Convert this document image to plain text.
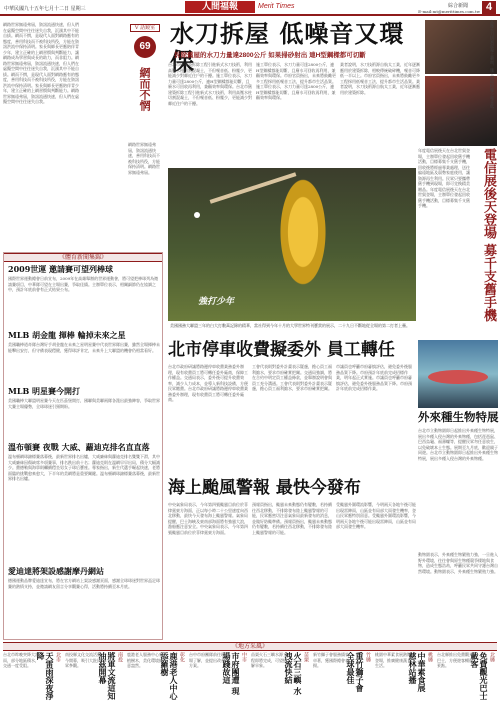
中華民國九十五年七月十二日 星期三	人間福報	Merit Times	綜合新聞
E-mail:mt@merittimes.com.tw 4
網路世界無遠弗屆，資訊流通快速，但人們在虛擬空間中往往迷失自我，沉溺其中不能自拔。網而不惘，是現代人面對網路應有的態度，善用科技而不被科技所役，方能在資訊洪流中保持清明。家長與師長更應陪伴青少年，建立正確的上網習慣與判斷能力，讓網路成為學習與成長的助力，而非阻力。網路世界無遠弗屆，資訊流通快速，但人們在虛擬空間中往往迷失自我，沉溺其中不能自拔。網而不惘，是現代人面對網路應有的態度，善用科技而不被科技所役，方能在資訊洪流中保持清明。家長與師長更應陪伴青少年，建立正確的上網習慣與判斷能力。網路世界無遠弗屆，資訊流通快速，但人們在虛擬空間中往往迷失自我。
Ⅴ 話鏡室
69
網而不惘
網路世界無遠弗屆，資訊流通快速，善用科技而不被科技所役，方能保持清明。網路世界無遠弗屆。
《體育新聞集錦》
2009世運 邀請賽可望列棒球
國際世界運動總會日前宣布，2009年在高雄舉辦的世界運動會，將可望把棒球列為邀請賽項目，中華隊可望在主場出賽，爭取佳績。主辦單位表示，相關細節仍在協調之中，預計年底前會有正式結果公布。
MLB 胡金龍 揮棒 輪掉未來之星
美國職棒道奇隊台灣好手胡金龍在未來之星明星賽中代表世界隊出賽，雖然全場揮棒未能擊出安打，但守備表現穩健，獲得球評肯定，未來升上大聯盟的機會仍相當看好。
MLB 明星賽今開打
美國職棒大聯盟明星賽今天在匹茲堡開打，國聯與美聯兩隊各派出最強陣容，爭取世界大賽主場優勢，全球球迷引頸期盼。
溫布頓賽 夜戰 大威、蘿迪克排名直直落
溫布頓網球錦標賽落幕後，最新世界排名出爐，大威廉絲與蘿迪克排名雙雙下滑，其中大威廉絲因傷缺席多項賽事，排名跌出前十名；蘿迪克則在溫網早早出局，積分大幅減少。費德勒與海寧則繼續穩坐男女子球后寶座。專家指出，新生代選手崛起快速，老將面臨的挑戰愈來愈大，下半年的美網將是重要關鍵。溫布頓網球錦標賽落幕後，最新世界排名出爐。
愛迪達將架設感謝摩丹網站
德國運動品牌愛迪達宣布，將在官方網站上架設感謝頁面，感謝全球球迷對世界盃足球賽的熱情支持，並邀請網友留言分享觀賽心得，活動將持續至本月底。
水刀拆屋 低噪音又環保
拆除舊屋的水刀力量達2800公斤 如果掃砂射出 連H型鋼樑都可切斷
台北市舊建築拆除工程引進新式水刀技術，利用高壓水柱切割混凝土，不但噪音低、粉塵少，更能減少對鄰近住戶的干擾。施工單位表示，水刀力量可達2800公斤，連H型鋼樑都能切斷，且廢水可回收再利用，兼顧效率與環保。台北市舊建築拆除工程引進新式水刀技術，利用高壓水柱切割混凝土，不但噪音低、粉塵少，更能減少對鄰近住戶的干擾。
施工單位表示，水刀力量可達2800公斤，連H型鋼樑都能切斷，且廢水可回收再利用，兼顧效率與環保。市府官員指出，未來將鼓勵更多工程採用低噪音工法，提升都市生活品質。施工單位表示，水刀力量可達2800公斤，連H型鋼樑都能切斷，且廢水可回收再利用，兼顧效率與環保。
業者說明，水刀技術源自航太工業，近年逐漸應用於建築拆除，相較傳統破碎機，噪音可降低一半以上。市府官員指出，未來將鼓勵更多工程採用低噪音工法，提升都市生活品質。業者說明，水刀技術源自航太工業，近年逐漸應用於建築拆除。	高壓水刀切割混凝土牆面，施工現場粉塵少噪音低。
電信展後天登場 募千支舊手機
年度電信展後天在台北世貿登場，主辦單位發起回收舊手機活動，目標募集千支舊手機，回收後將經過專業處理，送往偏遠地區及弱勢家庭使用，讓資源再生利用。民眾只要攜帶舊手機到現場，即可兌換精美贈品。年度電信展後天在台北世貿登場，主辦單位發起回收舊手機活動，目標募集千支舊手機。
強打少年
美國國務大聯盟三年的白大打數萬記錄的精華，當社得到今年十月的大學世界特刊寶貴的展示，二十九日不斷地從全場的第二打者上壘。
北市停車收費擬委外 員工轉任
台北市政府研議將路邊停車收費業務委外辦理，現有收費員工將可轉任委外廠商，保障工作權益。交通局表示，委外後可提升收費效率，減少人力成本，並導入新科技設備，方便民眾繳費。台北市政府研議將路邊停車收費業務委外辦理，現有收費員工將可轉任委外廠商。
工會代表則對委外計畫表示疑慮，擔心員工福利縮水，要求市府確實把關。交通局強調，將在合約中明定員工權益條款，並舉辦說明會與員工充分溝通。工會代表則對委外計畫表示疑慮，擔心員工福利縮水，要求市府確實把關。
市議員也呼籲市府審慎評估，避免委外後服務品質下降。市府預計年底前完成招標作業，明年起正式實施。市議員也呼籲市府審慎評估，避免委外後服務品質下降。市府預計年底前完成招標作業。
外來種生物特展
台北市立動物園即日起推出外來種生物特展，展出多種入侵台灣的外來物種，包括琵琶鼠、巴西烏龜、福壽螺等，提醒民眾勿任意放生，以免破壞本土生態。展期至九月底，歡迎親子同遊。台北市立動物園即日起推出外來種生物特展，展出多種入侵台灣的外來物種。
海上颱風警報 最快今發布
中央氣象局表示，今年第四號颱風目前位於菲律賓東方海面，正以每小時二十公里速度向西北移動，最快今天發布海上颱風警報。氣象局提醒，巴士海峽及東南部海面將有強風大浪，漁船應注意安全。中央氣象局表示，今年第四號颱風目前位於菲律賓東方海面。
預報員指出，颱風未來動態仍有變數，若持續往西北移動，不排除發布陸上颱風警報的可能，民眾應密切注意氣象局最新發布的消息，並做好防颱準備。預報員指出，颱風未來動態仍有變數，若持續往西北移動，不排除發布陸上颱風警報的可能。
受颱風外圍環流影響，今明兩天各地午後可能出現雷陣雨，山區並有局部大雨發生機率，登山民眾應特別留意。受颱風外圍環流影響，今明兩天各地午後可能出現雷陣雨，山區並有局部大雨發生機率。
動物園表示，外來種生物繁殖力強，一旦進入野外環境，往往會與原生物種競爭棲地與食物，造成生態浩劫，呼籲民眾共同守護台灣自然環境。動物園表示，外來種生物繁殖力強。
《地方采風》
北市
天雷雨深夜淨降
台北市昨晚突降大雷雨，部分地區積水，交通一度受阻。
南投
將軍文流這知油茲開幕
南投縣文化交流活動今開幕，吸引大批民眾參觀。
彰化
鹿港老人中心添羅樹
鹿港老人服務中心新植樹木，美化環境綠意盎然。
中市
市府團遭 現場踐故這
台中市府團隊前往現場了解，並提出改善方案。
苗栗
火石三嶼 水洩流快結
苗栗火石三嶼水源工程即將完成，可望紓解旱象。
竹縣
重竹獅子會 全球最佳
新竹獅子會服務績效卓著，獲國際總會表揚。
桃縣
中華素食展 慈林站播
桃園中華素食展熱鬧登場，推廣健康蔬食生活。
北縣
免費觀光巴士載客
台北縣推出免費觀光巴士，方便遊客暢遊景點。
